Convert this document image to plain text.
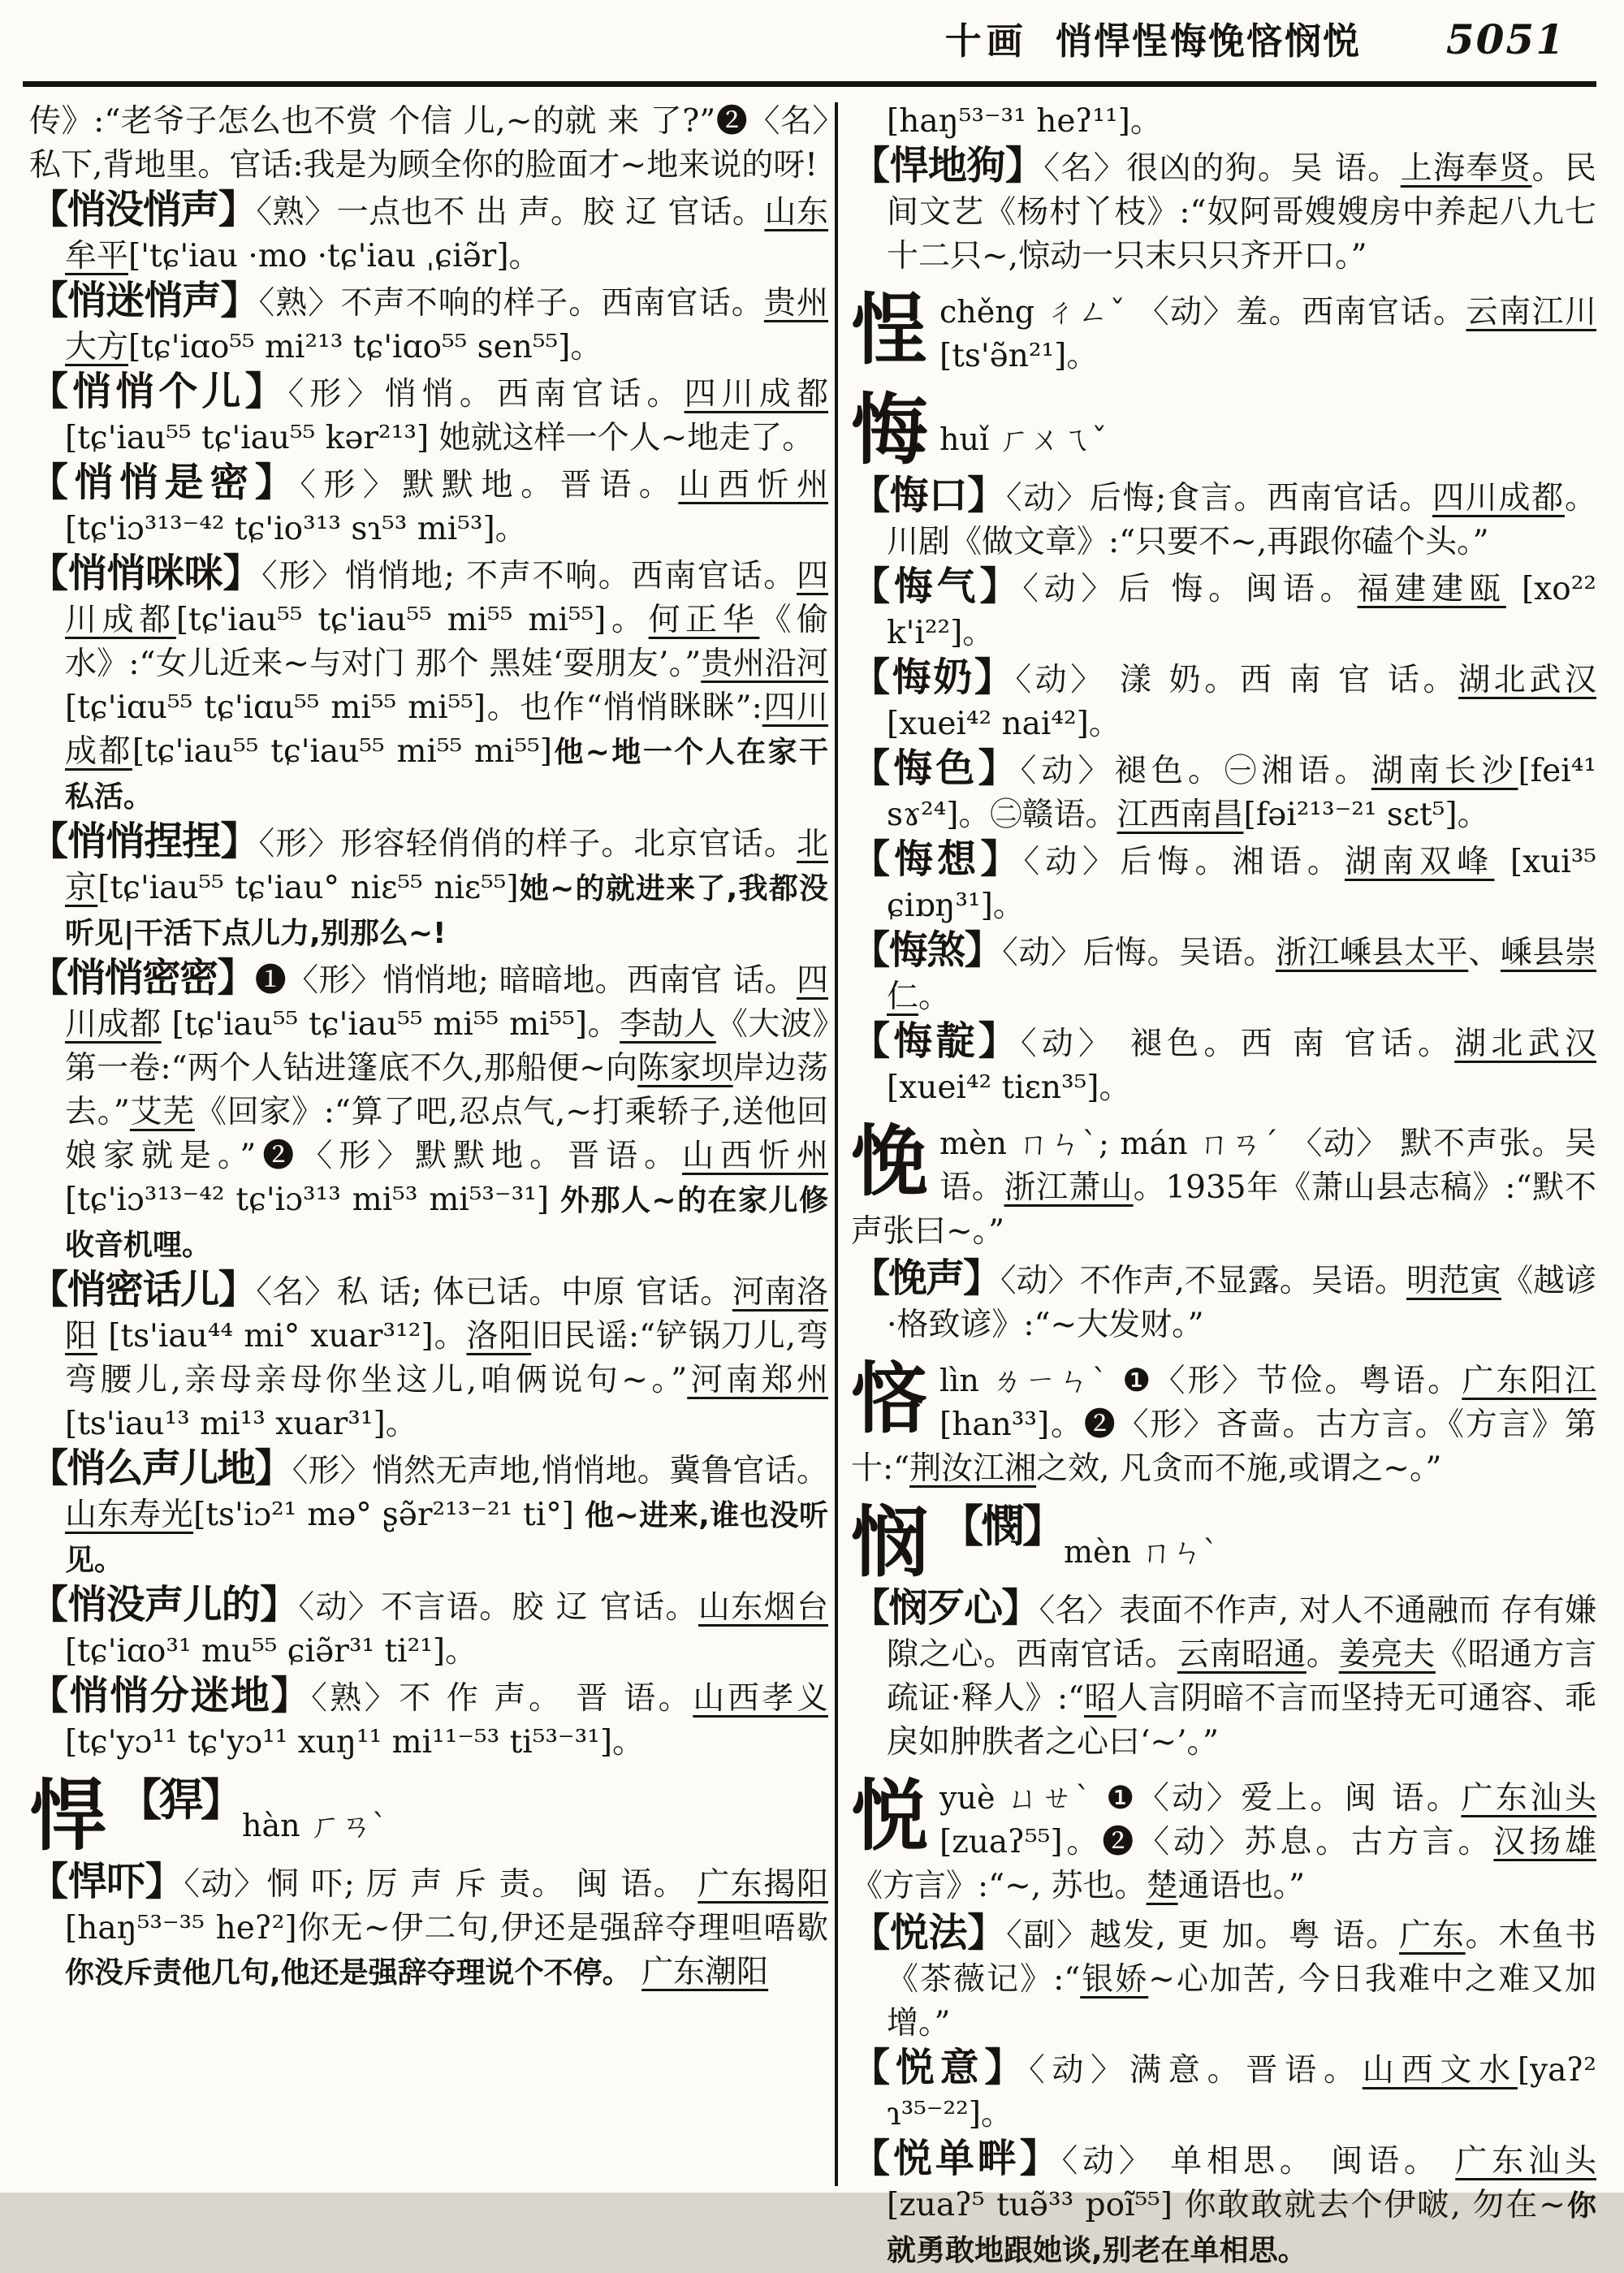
十画 悄悍悜悔悗悋悯悦 5051

传》:“老爷子怎么也不赏 个信 儿,~的就 来 了?”❷〈名〉私下,背地里。官话:我是为顾全你的脸面才~地来说的呀!

【悄没悄声】〈熟〉一点也不 出 声。胶 辽 官话。山东牟平['tɕ'iau ·mo ·tɕ'iau ˌɕiə̃r]。

【悄迷悄声】〈熟〉不声不响的样子。西南官话。贵州大方[tɕ'iɑo⁵⁵ mi²¹³ tɕ'iɑo⁵⁵ sen⁵⁵]。

【悄悄个儿】〈形〉悄悄。西南官话。四川成都[tɕ'iau⁵⁵ tɕ'iau⁵⁵ kər²¹³] 她就这样一个人~地走了。

【悄悄是密】〈形〉默默地。晋语。山西忻州[tɕ'iɔ³¹³⁻⁴² tɕ'io³¹³ sɿ⁵³ mi⁵³]。

【悄悄咪咪】〈形〉悄悄地; 不声不响。西南官话。四川成都[tɕ'iau⁵⁵ tɕ'iau⁵⁵ mi⁵⁵ mi⁵⁵]。何正华《偷水》:“女儿近来~与对门 那个 黑娃‘耍朋友’。”贵州沿河[tɕ'iɑu⁵⁵ tɕ'iɑu⁵⁵ mi⁵⁵ mi⁵⁵]。也作“悄悄眯眯”:四川成都[tɕ'iau⁵⁵ tɕ'iau⁵⁵ mi⁵⁵ mi⁵⁵]他~地一个人在家干私活。

【悄悄捏捏】〈形〉形容轻俏俏的样子。北京官话。北京[tɕ'iau⁵⁵ tɕ'iau° niɛ⁵⁵ niɛ⁵⁵]她~的就进来了,我都没听见|干活下点儿力,别那么~!

【悄悄密密】❶〈形〉悄悄地; 暗暗地。西南官 话。四川成都 [tɕ'iau⁵⁵ tɕ'iau⁵⁵ mi⁵⁵ mi⁵⁵]。李劼人《大波》第一卷:“两个人钻进篷底不久,那船便~向陈家坝岸边荡去。”艾芜《回家》:“算了吧,忍点气,~打乘轿子,送他回娘家就是。”❷〈形〉默默地。晋语。山西忻州[tɕ'iɔ³¹³⁻⁴² tɕ'iɔ³¹³ mi⁵³ mi⁵³⁻³¹] 外那人~的在家儿修收音机哩。

【悄密话儿】〈名〉私 话; 体已话。中原 官话。河南洛阳 [ts'iau⁴⁴ mi° xuar³¹²]。洛阳旧民谣:“铲锅刀儿,弯弯腰儿,亲母亲母你坐这儿,咱俩说句~。”河南郑州 [ts'iau¹³ mi¹³ xuar³¹]。

【悄么声儿地】〈形〉悄然无声地,悄悄地。冀鲁官话。山东寿光[ts'iɔ²¹ mə° ʂə̃r²¹³⁻²¹ ti°] 他~进来,谁也没听见。

【悄没声儿的】〈动〉不言语。胶 辽 官话。山东烟台[tɕ'iɑo³¹ mu⁵⁵ ɕiə̃r³¹ ti²¹]。

【悄悄分迷地】〈熟〉不 作 声。 晋 语。山西孝义[tɕ'yɔ¹¹ tɕ'yɔ¹¹ xuŋ¹¹ mi¹¹⁻⁵³ ti⁵³⁻³¹]。

悍 【猂】hàn ㄏㄢˋ

【悍吓】〈动〉恫 吓; 厉 声 斥 责。 闽 语。 广东揭阳[haŋ⁵³⁻³⁵ heʔ²]你无~伊二句,伊还是强辞夺理呾唔歇你没斥责他几句,他还是强辞夺理说个不停。 广东潮阳

[haŋ⁵³⁻³¹ heʔ¹¹]。

【悍地狗】〈名〉很凶的狗。吴 语。上海奉贤。民间文艺《杨村丫枝》:“奴阿哥嫂嫂房中养起八九七十二只~,惊动一只末只只齐开口。”

悜chěng ㄔㄥˇ 〈动〉羞。西南官话。云南江川 [ts'ə̃n²¹]。
悔huǐ ㄏㄨㄟˇ

【悔口】〈动〉后悔;食言。西南官话。四川成都。川剧《做文章》:“只要不~,再跟你磕个头。”

【悔气】〈动〉后 悔。闽语。福建建瓯 [xo²² k'i²²]。

【悔奶】〈动〉 漾 奶。西 南 官 话。湖北武汉 [xuei⁴² nai⁴²]。

【悔色】〈动〉褪色。㊀湘语。湖南长沙[fei⁴¹ sɤ²⁴]。㊁赣语。江西南昌[fəi²¹³⁻²¹ sɛt⁵]。

【悔想】〈动〉后悔。湘语。湖南双峰 [xui³⁵ ɕiɒŋ³¹]。

【悔煞】〈动〉后悔。吴语。浙江嵊县太平、嵊县崇仁。

【悔靛】〈动〉 褪色。西 南 官话。湖北武汉 [xuei⁴² tiɛn³⁵]。

悗mèn ㄇㄣˋ; mán ㄇㄢˊ 〈动〉 默不声张。吴语。浙江萧山。1935年《萧山县志稿》:“默不声张曰~。”

【悗声】〈动〉不作声,不显露。吴语。明范寅《越谚·格致谚》:“~大发财。”

悋lìn ㄌㄧㄣˋ ❶〈形〉节俭。粤语。广东阳江 [han³³]。❷〈形〉吝啬。古方言。《方言》第十:“荆汝江湘之效, 凡贪而不施,或谓之~。”
悯 【憫】mèn ㄇㄣˋ

【悯歹心】〈名〉表面不作声, 对人不通融而 存有嫌隙之心。西南官话。云南昭通。姜亮夫《昭通方言疏证·释人》:“昭人言阴暗不言而坚持无可通容、乖戾如肿胅者之心曰‘~’。”

悦yuè ㄩㄝˋ ❶〈动〉爱上。闽 语。广东汕头[zuaʔ⁵⁵]。❷〈动〉苏息。古方言。汉扬雄《方言》:“~, 苏也。楚通语也。”

【悦法】〈副〉越发, 更 加。粤 语。广东。木鱼书《茶薇记》:“银娇~心加苦, 今日我难中之难又加增。”

【悦意】〈动〉满意。晋语。山西文水[yaʔ² ɿ³⁵⁻²²]。

【悦单畔】〈动〉 单相思。 闽语。 广东汕头 [zuaʔ⁵ tuə̃³³ poĩ⁵⁵] 你敢敢就去个伊啵, 勿在~你就勇敢地跟她谈,别老在单相思。
